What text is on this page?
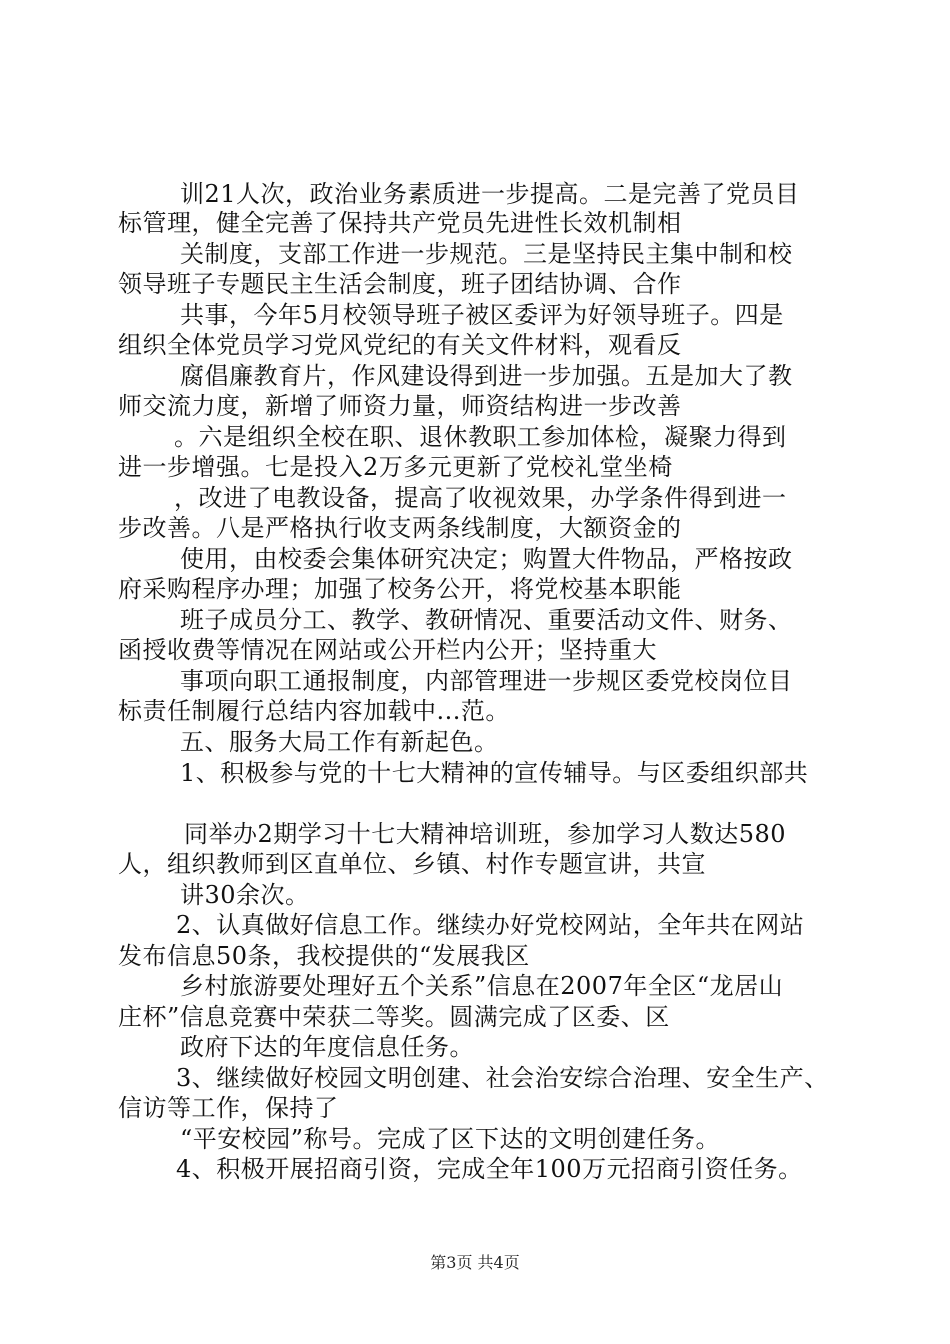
训21人次，政治业务素质进一步提高。二是完善了党员目
标管理，健全完善了保持共产党员先进性长效机制相
关制度，支部工作进一步规范。三是坚持民主集中制和校
领导班子专题民主生活会制度，班子团结协调、合作
共事，今年5月校领导班子被区委评为好领导班子。四是
组织全体党员学习党风党纪的有关文件材料，观看反
腐倡廉教育片，作风建设得到进一步加强。五是加大了教
师交流力度，新增了师资力量，师资结构进一步改善
。六是组织全校在职、退休教职工参加体检，凝聚力得到
进一步增强。七是投入2万多元更新了党校礼堂坐椅
，改进了电教设备，提高了收视效果，办学条件得到进一
步改善。八是严格执行收支两条线制度，大额资金的
使用，由校委会集体研究决定；购置大件物品，严格按政
府采购程序办理；加强了校务公开，将党校基本职能
班子成员分工、教学、教研情况、重要活动文件、财务、
函授收费等情况在网站或公开栏内公开；坚持重大
事项向职工通报制度，内部管理进一步规区委党校岗位目
标责任制履行总结内容加载中...范。
五、服务大局工作有新起色。
1、积极参与党的十七大精神的宣传辅导。与区委组织部共
同举办2期学习十七大精神培训班，参加学习人数达580
人，组织教师到区直单位、乡镇、村作专题宣讲，共宣
讲30余次。
2、认真做好信息工作。继续办好党校网站，全年共在网站
发布信息50条，我校提供的“发展我区
乡村旅游要处理好五个关系”信息在2007年全区“龙居山
庄杯”信息竞赛中荣获二等奖。圆满完成了区委、区
政府下达的年度信息任务。
3、继续做好校园文明创建、社会治安综合治理、安全生产、
信访等工作，保持了
“平安校园”称号。完成了区下达的文明创建任务。
4、积极开展招商引资，完成全年100万元招商引资任务。
第3页 共4页
